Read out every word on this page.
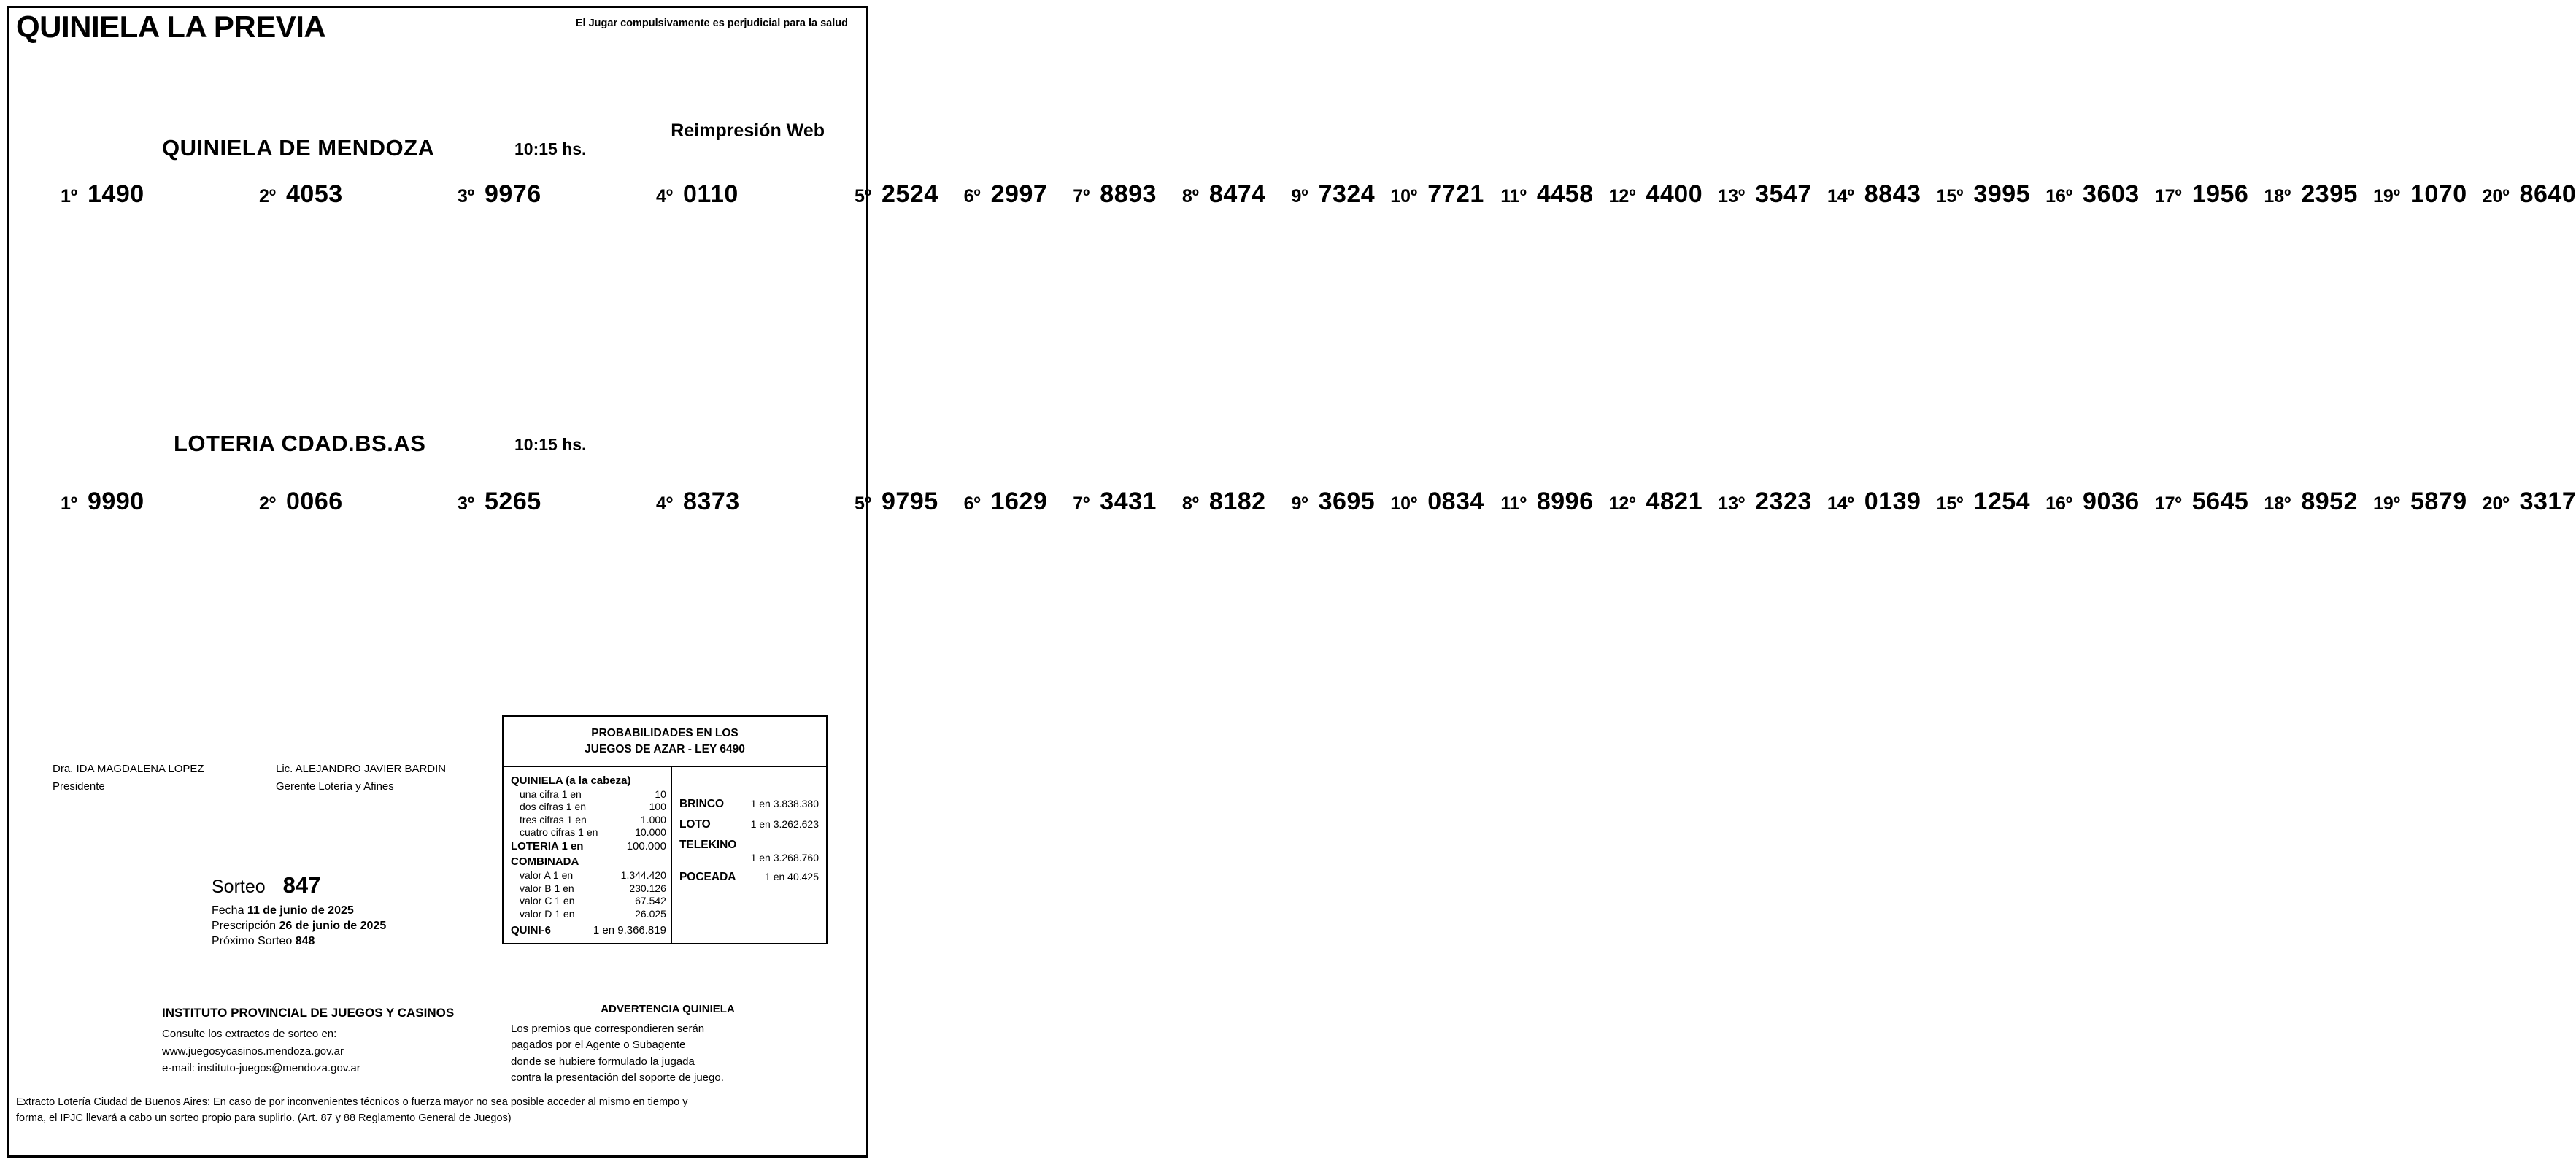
QUINIELA LA PREVIA	El Jugar compulsivamente es perjudicial para la salud
Reimpresión Web
QUINIELA DE MENDOZA	10:15 hs.
1º 1490	2º 4053	3º 9976	4º 0110	5º 2524	6º 2997	7º 8893	8º 8474	9º 7324 10º 7721 11º 4458 12º 4400 13º 3547 14º 8843 15º 3995 16º 3603 17º 1956 18º 2395 19º 1070 20º 8640
LOTERIA CDAD.BS.AS	10:15 hs.
1º 9990	2º 0066	3º 5265	4º 8373	5º 9795	6º 1629	7º 3431	8º 8182	9º 3695 10º 0834 11º 8996 12º 4821 13º 2323 14º 0139 15º 1254 16º 9036 17º 5645 18º 8952 19º 5879 20º 3317
Dra. IDA MAGDALENA LOPEZ
Presidente
Lic. ALEJANDRO JAVIER BARDIN
Gerente Lotería y Afines
Sorteo 847
Fecha 11 de junio de 2025
Prescripción 26 de junio de 2025
Próximo Sorteo 848
PROBABILIDADES EN LOS
JUEGOS DE AZAR - LEY 6490
QUINIELA (a la cabeza)
una cifra 1 en	10
dos cifras 1 en	100
tres cifras 1 en	1.000
cuatro cifras 1 en	10.000
LOTERIA 1 en	100.000
COMBINADA
valor A 1 en	1.344.420
valor B 1 en	230.126
valor C 1 en	67.542
valor D 1 en	26.025
QUINI-6	1 en 9.366.819
BRINCO	1 en 3.838.380
LOTO	1 en 3.262.623
TELEKINO
1 en 3.268.760
POCEADA	1 en 40.425
ADVERTENCIA QUINIELA
Los premios que correspondieren serán
pagados por el Agente o Subagente
donde se hubiere formulado la jugada
contra la presentación del soporte de juego.
INSTITUTO PROVINCIAL DE JUEGOS Y CASINOS
Consulte los extractos de sorteo en:
www.juegosycasinos.mendoza.gov.ar
e-mail: instituto-juegos@mendoza.gov.ar
Extracto Lotería Ciudad de Buenos Aires: En caso de por inconvenientes técnicos o fuerza mayor no sea posible acceder al mismo en tiempo y
forma, el IPJC llevará a cabo un sorteo propio para suplirlo. (Art. 87 y 88 Reglamento General de Juegos)
